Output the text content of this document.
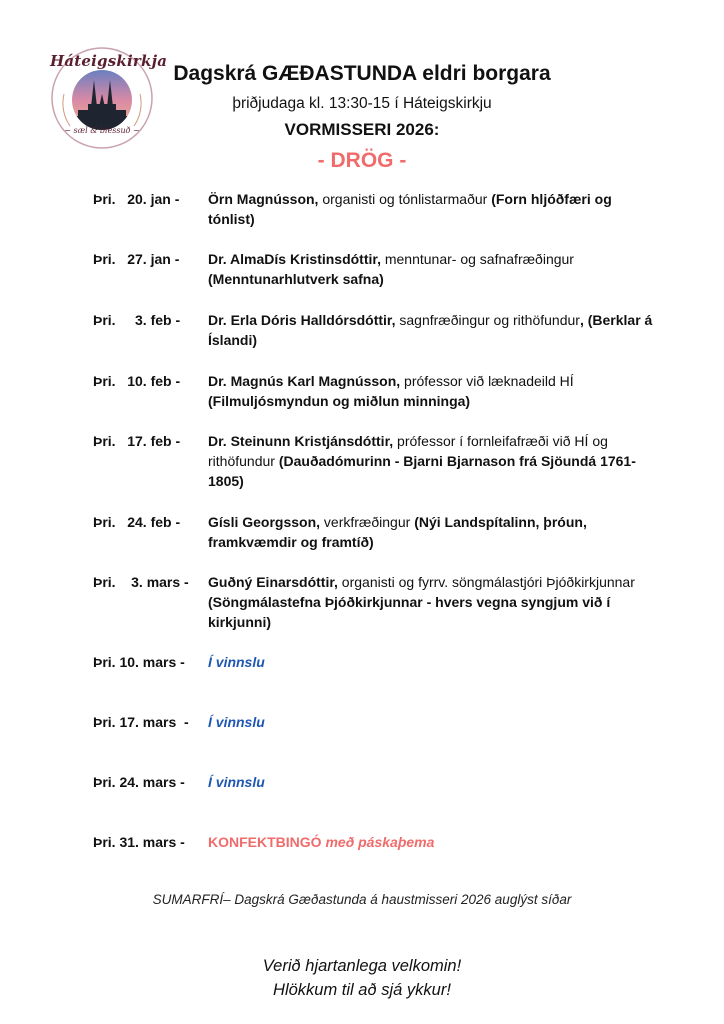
Háteigskirkja
~ sæl & blessuð ~
Dagskrá GÆÐASTUNDA eldri borgara
þriðjudaga kl. 13:30-15 í Háteigskirkju
VORMISSERI 2026:
- DRÖG -
Þri.   20. jan -	Örn Magnússon, organisti og tónlistarmaður (Forn hljóðfæri og tónlist)
Þri.   27. jan -	Dr. AlmaDís Kristinsdóttir, menntunar- og safnafræðingur (Menntunarhlutverk safna)
Þri.     3. feb -	Dr. Erla Dóris Halldórsdóttir, sagnfræðingur og rithöfundur, (Berklar á Íslandi)
Þri.   10. feb -	Dr. Magnús Karl Magnússon, prófessor við læknadeild HÍ (Filmuljósmyndun og miðlun minninga)
Þri.   17. feb -	Dr. Steinunn Kristjánsdóttir, prófessor í fornleifafræði við HÍ og rithöfundur (Dauðadómurinn - Bjarni Bjarnason frá Sjöundá 1761-1805)
Þri.   24. feb -	Gísli Georgsson, verkfræðingur (Nýi Landspítalinn, þróun, framkvæmdir og framtíð)
Þri.    3. mars -	Guðný Einarsdóttir, organisti og fyrrv. söngmálastjóri Þjóðkirkjunnar (Söngmálastefna Þjóðkirkjunnar - hvers vegna syngjum við í kirkjunni)
Þri. 10. mars -	Í vinnslu
Þri. 17. mars  -	Í vinnslu
Þri. 24. mars -	Í vinnslu
Þri. 31. mars -	KONFEKTBINGÓ með páskaþema
SUMARFRÍ– Dagskrá Gæðastunda á haustmisseri 2026 auglýst síðar
Verið hjartanlega velkomin!
Hlökkum til að sjá ykkur!
